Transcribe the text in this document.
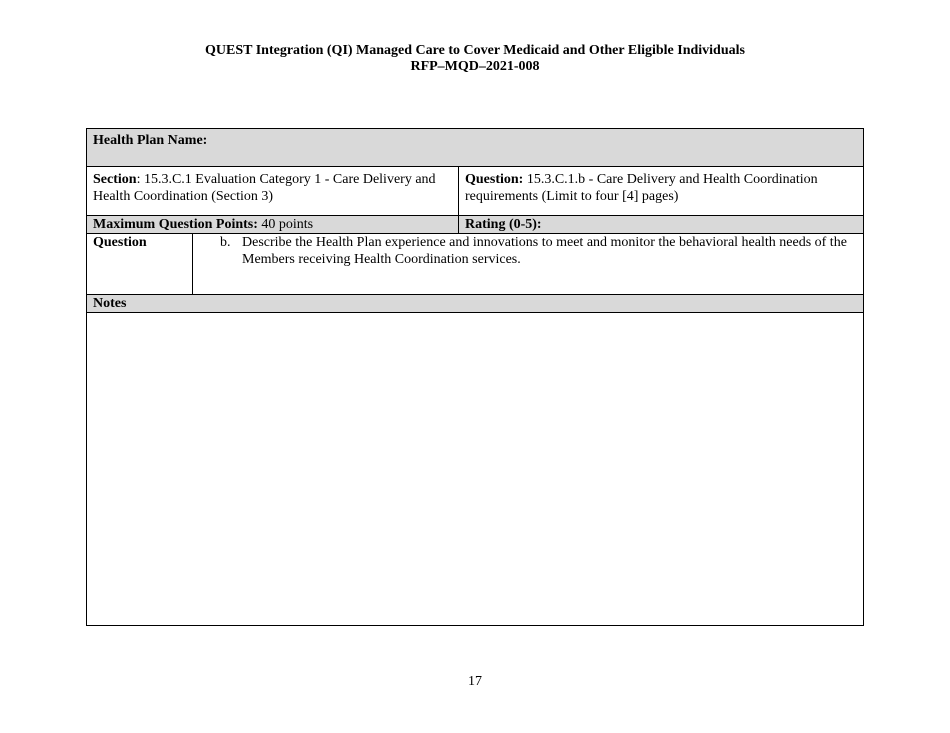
QUEST Integration (QI) Managed Care to Cover Medicaid and Other Eligible Individuals
RFP–MQD–2021-008
Health Plan Name:		
Section: 15.3.C.1 Evaluation Category 1 - Care Delivery and Health Coordination (Section 3)		Question: 15.3.C.1.b - Care Delivery and Health Coordination requirements (Limit to four [4] pages)
Maximum Question Points: 40 points		Rating (0-5):
Question	b. Describe the Health Plan experience and innovations to meet and monitor the behavioral health needs of the Members receiving Health Coordination services.	

Notes		

17
